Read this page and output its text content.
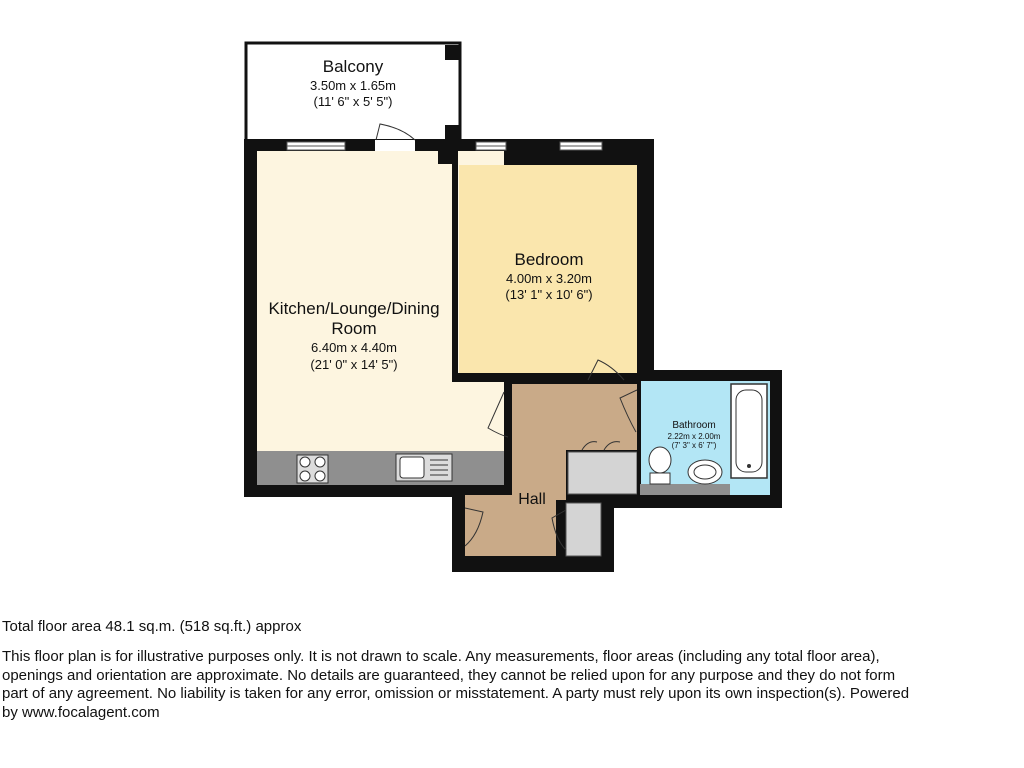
Balcony
3.50m x 1.65m
(11' 6" x 5' 5")
Kitchen/Lounge/Dining
Room
6.40m x 4.40m
(21' 0" x 14' 5")
Bedroom
4.00m x 3.20m
(13' 1" x 10' 6")
Bathroom
2.22m x 2.00m
(7' 3" x 6' 7")
Hall

Total floor area 48.1 sq.m. (518 sq.ft.) approx

This floor plan is for illustrative purposes only. It is not drawn to scale. Any measurements, floor areas (including any total floor area),
openings and orientation are approximate. No details are guaranteed, they cannot be relied upon for any purpose and they do not form
part of any agreement. No liability is taken for any error, omission or misstatement. A party must rely upon its own inspection(s). Powered
by www.focalagent.com
